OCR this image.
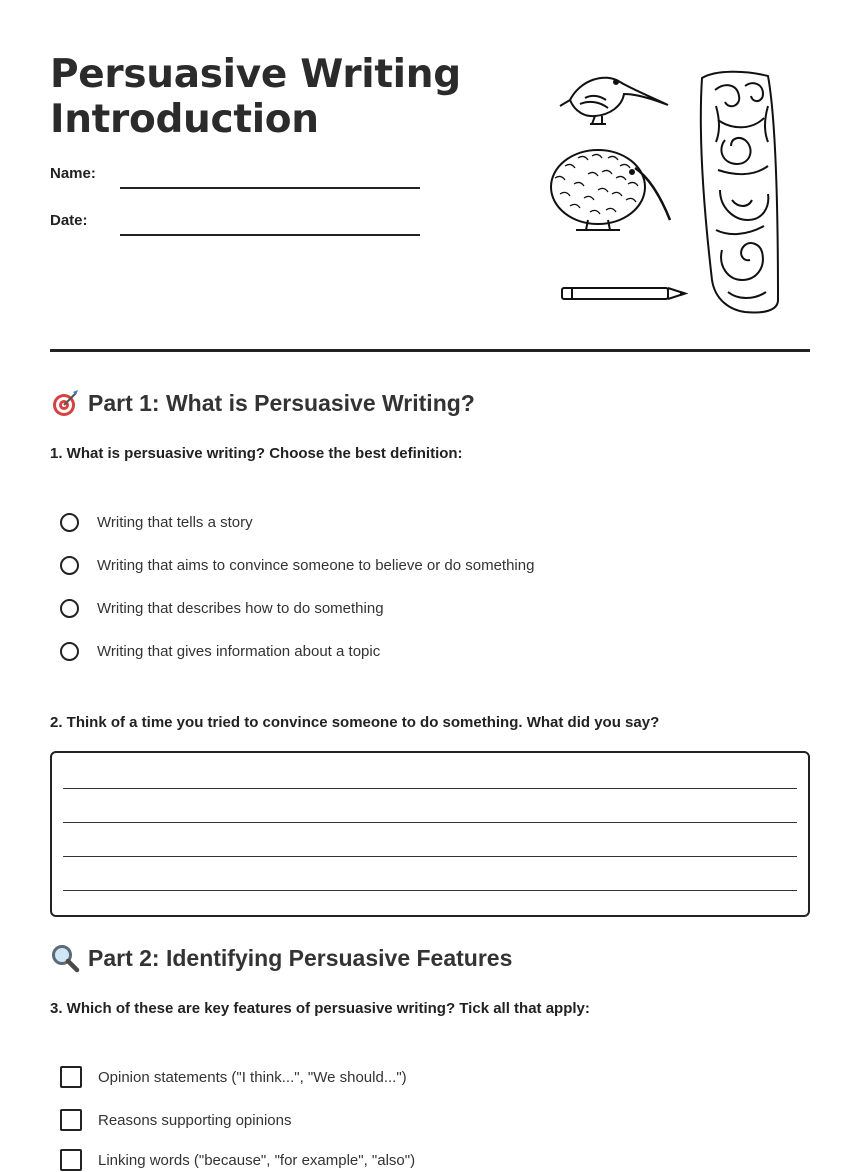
Persuasive Writing
Introduction
Name:
Date:
Part 1: What is Persuasive Writing?

1. What is persuasive writing? Choose the best definition:

Writing that tells a story
Writing that aims to convince someone to believe or do something
Writing that describes how to do something
Writing that gives information about a topic

2. Think of a time you tried to convince someone to do something. What did you say?

Part 2: Identifying Persuasive Features

3. Which of these are key features of persuasive writing? Tick all that apply:

Opinion statements ("I think...", "We should...")
Reasons supporting opinions
Linking words ("because", "for example", "also")
